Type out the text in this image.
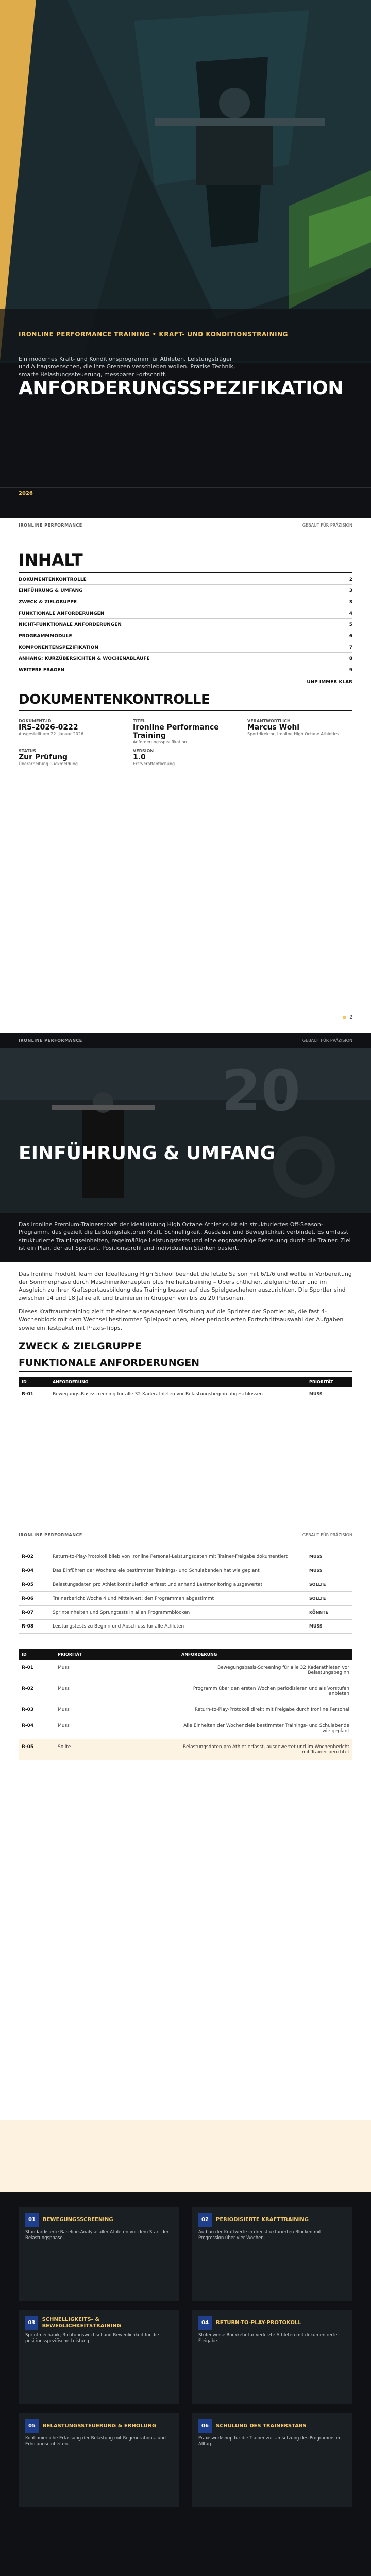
IRONLINE PERFORMANCE TRAINING • KRAFT- UND KONDITIONSTRAINING
Ein modernes Kraft- und Konditionsprogramm für Athleten, Leistungsträger und Alltagsmenschen, die ihre Grenzen verschieben wollen. Präzise Technik, smarte Belastungssteuerung, messbarer Fortschritt.
ANFORDERUNGSSPEZIFIKATION
2026
IRONLINE PERFORMANCE	GEBAUT FÜR PRÄZISION
INHALT
DOKUMENTENKONTROLLE	2
EINFÜHRUNG & UMFANG	3
ZWECK & ZIELGRUPPE	3
FUNKTIONALE ANFORDERUNGEN	4
NICHT-FUNKTIONALE ANFORDERUNGEN	5
PROGRAMMMODULE	6
KOMPONENTENSPEZIFIKATION	7
ANHANG: KURZÜBERSICHTEN & WOCHENABLÄUFE	8
WEITERE FRAGEN	9
UNP IMMER KLAR
DOKUMENTENKONTROLLE
DOKUMENT-ID
IRS-2026-0222
Ausgestellt am 22. Januar 2026
TITEL
Ironline Performance Training
Anforderungsspezifikation
VERANTWORTLICH
Marcus Wohl
Sportdirektor, Ironline High Octane Athletics
STATUS
Zur Prüfung
Überarbeitung Rückmeldung
VERSION
1.0
Erstveröffentlichung
2
IRONLINE PERFORMANCE	GEBAUT FÜR PRÄZISION
20
EINFÜHRUNG & UMFANG
Das Ironline Premium-Trainerschaft der Ideallüstung High Octane Athletics ist ein strukturiertes Off-Season-Programm, das gezielt die Leistungsfaktoren Kraft, Schnelligkeit, Ausdauer und Beweglichkeit verbindet. Es umfasst strukturierte Trainingseinheiten, regelmäßige Leistungstests und eine engmaschige Betreuung durch die Trainer. Ziel ist ein Plan, der auf Sportart, Positionsprofil und individuellen Stärken basiert.
Das Ironline Produkt Team der Ideallösung High School beendet die letzte Saison mit 6/1/6 und wollte in Vorbereitung der Sommerphase durch Maschinenkonzepten plus Freiheitstraining – Übersichtlicher, zielgerichteter und im Ausgleich zu ihrer Kraftsportausbildung das Training besser auf das Spielgeschehen auszurichten. Die Sportler sind zwischen 14 und 18 Jahre alt und trainieren in Gruppen von bis zu 20 Personen.
Dieses Kraftraumtraining zielt mit einer ausgewogenen Mischung auf die Sprinter der Sportler ab, die fast 4-Wochenblock mit dem Wechsel bestimmter Spielpositionen, einer periodisierten Fortschrittsauswahl der Aufgaben sowie ein Testpaket mit Praxis-Tipps.
ZWECK & ZIELGRUPPE
FUNKTIONALE ANFORDERUNGEN
ID	ANFORDERUNG	PRIORITÄT
R-01	Bewegungs-Basisscreening für alle 32 Kaderathleten vor Belastungsbeginn abgeschlossen	MUSS
IRONLINE PERFORMANCE	GEBAUT FÜR PRÄZISION
R-02	Return-to-Play-Protokoll blieb von Ironline Personal-Leistungsdaten mit Trainer-Freigabe dokumentiert	MUSS
R-04	Das Einführen der Wochenziele bestimmter Trainings- und Schulabenden hat wie geplant	MUSS
R-05	Belastungsdaten pro Athlet kontinuierlich erfasst und anhand Lastmonitoring ausgewertet	SOLLTE
R-06	Trainerbericht Woche 4 und Mittelwert: den Programmen abgestimmt	SOLLTE
R-07	Sprinteinheiten und Sprungtests in allen Programmblöcken	KÖNNTE
R-08	Leistungstests zu Beginn und Abschluss für alle Athleten	MUSS
ID	PRIORITÄT	ANFORDERUNG
R-01	Muss	Bewegungsbasis-Screening für alle 32 Kaderathleten vor Belastungsbeginn
R-02	Muss	Programm über den ersten Wochen periodisieren und als Vorstufen anbieten
R-03	Muss	Return-to-Play-Protokoll direkt mit Freigabe durch Ironline Personal
R-04	Muss	Alle Einheiten der Wochenziele bestimmter Trainings- und Schulabende wie geplant
R-05	Sollte	Belastungsdaten pro Athlet erfasst, ausgewertet und im Wochenbericht mit Trainer berichtet
01	BEWEGUNGSSCREENING
Standardisierte Baseline-Analyse aller Athleten vor dem Start der Belastungsphase.
02	PERIODISIERTE KRAFTTRAINING
Aufbau der Kraftwerte in drei strukturierten Blöcken mit Progression über vier Wochen.
03
SCHNELLIGKEITS- & BEWEGLICHKEITSTRAINING
Sprintmechanik, Richtungswechsel und Beweglichkeit für die positionsspezifische Leistung.
04	RETURN-TO-PLAY-PROTOKOLL
Stufenweise Rückkehr für verletzte Athleten mit dokumentierter Freigabe.
05	BELASTUNGSSTEUERUNG & ERHOLUNG
Kontinuierliche Erfassung der Belastung mit Regenerations- und Erholungseinheiten.
06	SCHULUNG DES TRAINERSTABS
Praxisworkshop für die Trainer zur Umsetzung des Programms im Alltag.
